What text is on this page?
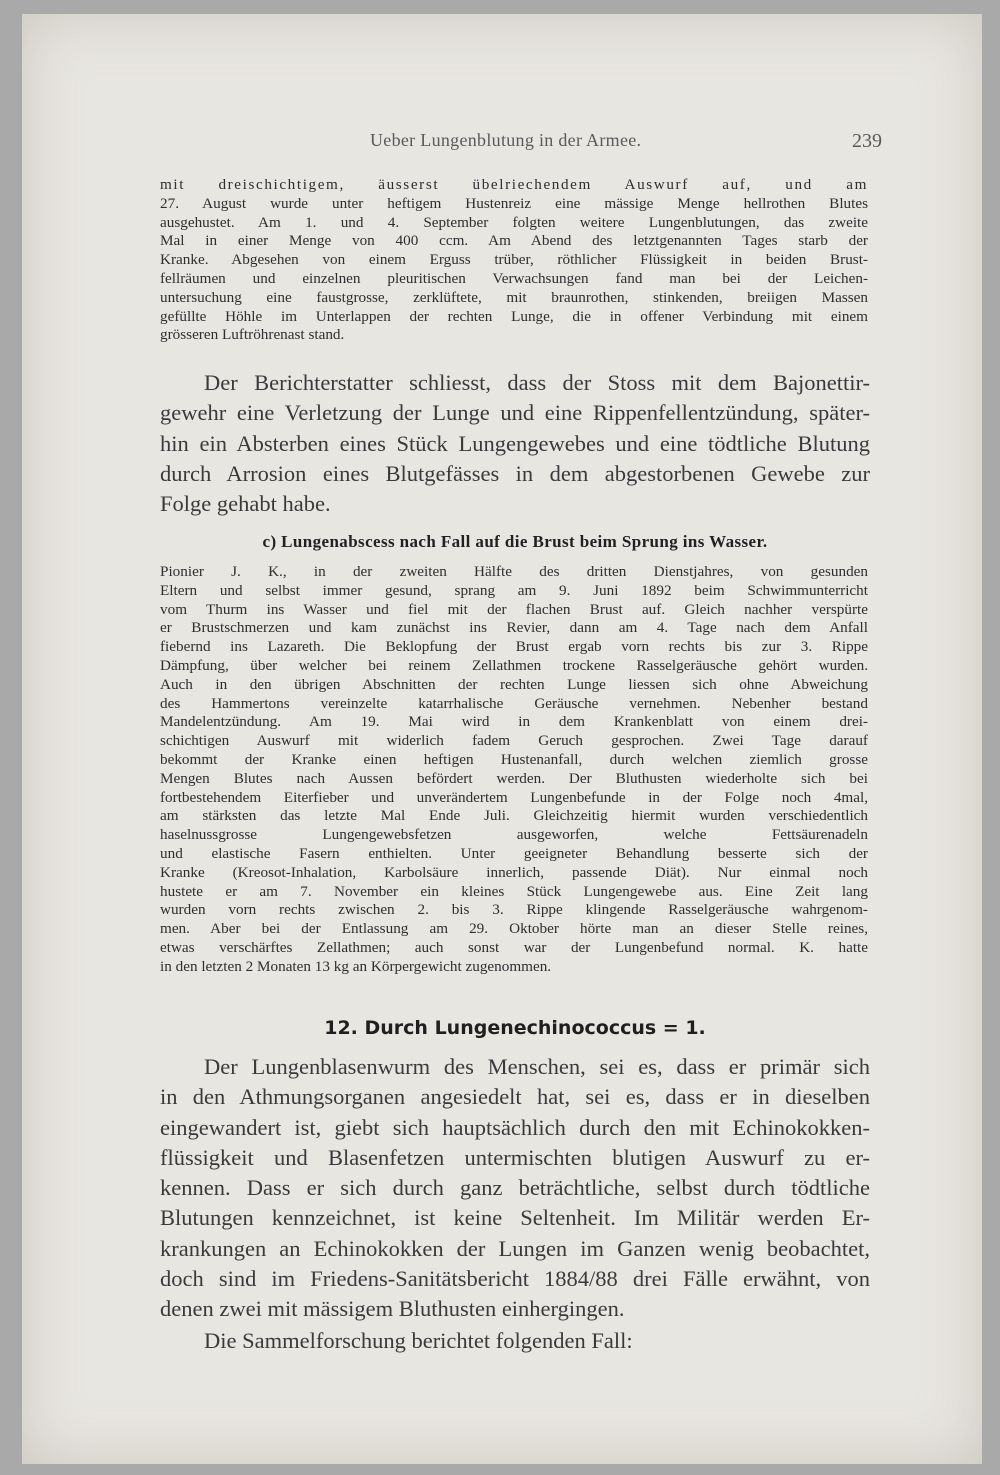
Ueber Lungenblutung in der Armee.	239
mit dreischichtigem, äusserst übelriechendem Auswurf auf, und am
27. August wurde unter heftigem Hustenreiz eine mässige Menge hellrothen Blutes
ausgehustet. Am 1. und 4. September folgten weitere Lungenblutungen, das zweite
Mal in einer Menge von 400 ccm. Am Abend des letztgenannten Tages starb der
Kranke. Abgesehen von einem Erguss trüber, röthlicher Flüssigkeit in beiden Brust-
fellräumen und einzelnen pleuritischen Verwachsungen fand man bei der Leichen-
untersuchung eine faustgrosse, zerklüftete, mit braunrothen, stinkenden, breiigen Massen
gefüllte Höhle im Unterlappen der rechten Lunge, die in offener Verbindung mit einem
grösseren Luftröhrenast stand.
Der Berichterstatter schliesst, dass der Stoss mit dem Bajonettir-
gewehr eine Verletzung der Lunge und eine Rippenfellentzündung, später-
hin ein Absterben eines Stück Lungengewebes und eine tödtliche Blutung
durch Arrosion eines Blutgefässes in dem abgestorbenen Gewebe zur
Folge gehabt habe.
c) Lungenabscess nach Fall auf die Brust beim Sprung ins Wasser.
Pionier J. K., in der zweiten Hälfte des dritten Dienstjahres, von gesunden
Eltern und selbst immer gesund, sprang am 9. Juni 1892 beim Schwimmunterricht
vom Thurm ins Wasser und fiel mit der flachen Brust auf. Gleich nachher verspürte
er Brustschmerzen und kam zunächst ins Revier, dann am 4. Tage nach dem Anfall
fiebernd ins Lazareth. Die Beklopfung der Brust ergab vorn rechts bis zur 3. Rippe
Dämpfung, über welcher bei reinem Zellathmen trockene Rasselgeräusche gehört wurden.
Auch in den übrigen Abschnitten der rechten Lunge liessen sich ohne Abweichung
des Hammertons vereinzelte katarrhalische Geräusche vernehmen. Nebenher bestand
Mandelentzündung. Am 19. Mai wird in dem Krankenblatt von einem drei-
schichtigen Auswurf mit widerlich fadem Geruch gesprochen. Zwei Tage darauf
bekommt der Kranke einen heftigen Hustenanfall, durch welchen ziemlich grosse
Mengen Blutes nach Aussen befördert werden. Der Bluthusten wiederholte sich bei
fortbestehendem Eiterfieber und unverändertem Lungenbefunde in der Folge noch 4mal,
am stärksten das letzte Mal Ende Juli. Gleichzeitig hiermit wurden verschiedentlich
haselnussgrosse Lungengewebsfetzen ausgeworfen, welche Fettsäurenadeln
und elastische Fasern enthielten. Unter geeigneter Behandlung besserte sich der
Kranke (Kreosot-Inhalation, Karbolsäure innerlich, passende Diät). Nur einmal noch
hustete er am 7. November ein kleines Stück Lungengewebe aus. Eine Zeit lang
wurden vorn rechts zwischen 2. bis 3. Rippe klingende Rasselgeräusche wahrgenom-
men. Aber bei der Entlassung am 29. Oktober hörte man an dieser Stelle reines,
etwas verschärftes Zellathmen; auch sonst war der Lungenbefund normal. K. hatte
in den letzten 2 Monaten 13 kg an Körpergewicht zugenommen.
12. Durch Lungenechinococcus = 1.
Der Lungenblasenwurm des Menschen, sei es, dass er primär sich
in den Athmungsorganen angesiedelt hat, sei es, dass er in dieselben
eingewandert ist, giebt sich hauptsächlich durch den mit Echinokokken-
flüssigkeit und Blasenfetzen untermischten blutigen Auswurf zu er-
kennen. Dass er sich durch ganz beträchtliche, selbst durch tödtliche
Blutungen kennzeichnet, ist keine Seltenheit. Im Militär werden Er-
krankungen an Echinokokken der Lungen im Ganzen wenig beobachtet,
doch sind im Friedens-Sanitätsbericht 1884/88 drei Fälle erwähnt, von
denen zwei mit mässigem Bluthusten einhergingen.
Die Sammelforschung berichtet folgenden Fall:
